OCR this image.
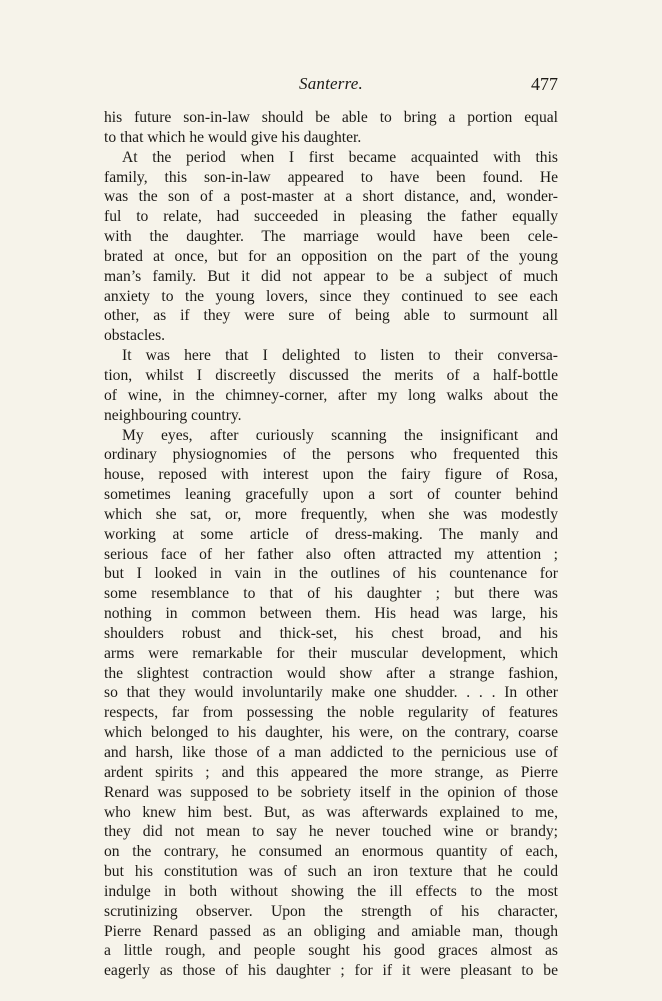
Santerre.	477
his future son-in-law should be able to bring a portion equal
to that which he would give his daughter.
At the period when I first became acquainted with this
family, this son-in-law appeared to have been found. He
was the son of a post-master at a short distance, and, wonder-
ful to relate, had succeeded in pleasing the father equally
with the daughter. The marriage would have been cele-
brated at once, but for an opposition on the part of the young
man’s family. But it did not appear to be a subject of much
anxiety to the young lovers, since they continued to see each
other, as if they were sure of being able to surmount all
obstacles.
It was here that I delighted to listen to their conversa-
tion, whilst I discreetly discussed the merits of a half-bottle
of wine, in the chimney-corner, after my long walks about the
neighbouring country.
My eyes, after curiously scanning the insignificant and
ordinary physiognomies of the persons who frequented this
house, reposed with interest upon the fairy figure of Rosa,
sometimes leaning gracefully upon a sort of counter behind
which she sat, or, more frequently, when she was modestly
working at some article of dress-making. The manly and
serious face of her father also often attracted my attention ;
but I looked in vain in the outlines of his countenance for
some resemblance to that of his daughter ; but there was
nothing in common between them. His head was large, his
shoulders robust and thick-set, his chest broad, and his
arms were remarkable for their muscular development, which
the slightest contraction would show after a strange fashion,
so that they would involuntarily make one shudder. . . . In other
respects, far from possessing the noble regularity of features
which belonged to his daughter, his were, on the contrary, coarse
and harsh, like those of a man addicted to the pernicious use of
ardent spirits ; and this appeared the more strange, as Pierre
Renard was supposed to be sobriety itself in the opinion of those
who knew him best. But, as was afterwards explained to me,
they did not mean to say he never touched wine or brandy;
on the contrary, he consumed an enormous quantity of each,
but his constitution was of such an iron texture that he could
indulge in both without showing the ill effects to the most
scrutinizing observer. Upon the strength of his character,
Pierre Renard passed as an obliging and amiable man, though
a little rough, and people sought his good graces almost as
eagerly as those of his daughter ; for if it were pleasant to be
